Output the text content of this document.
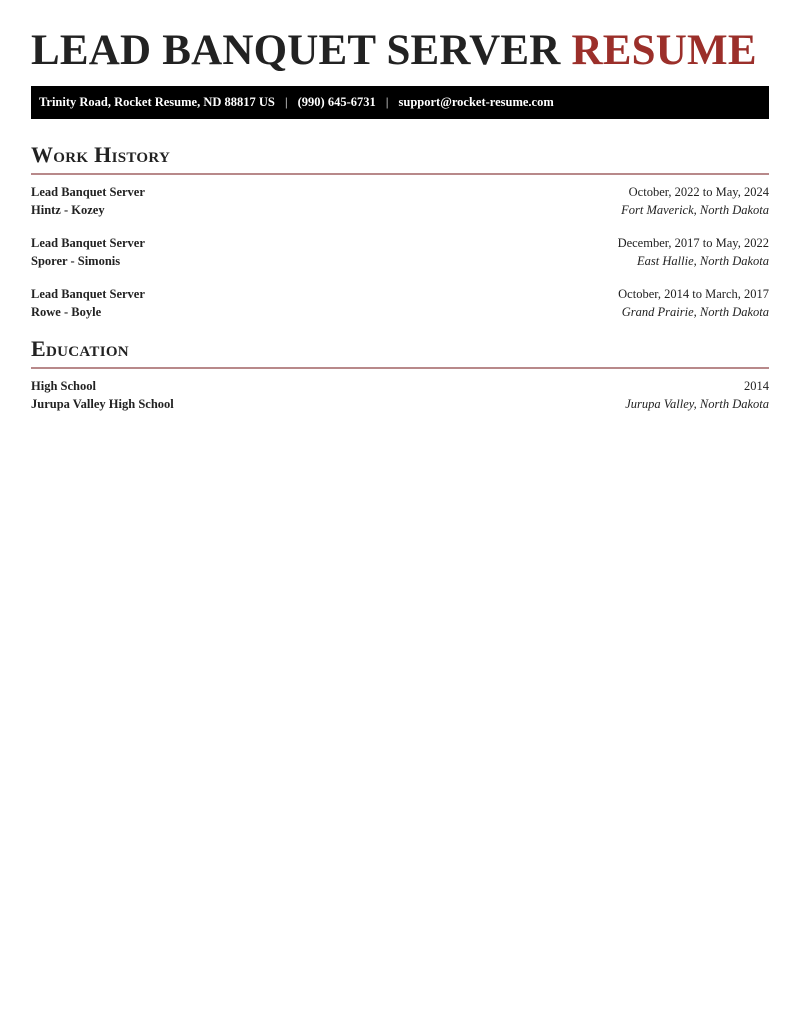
LEAD BANQUET SERVER RESUME
Trinity Road, Rocket Resume, ND 88817 US | (990) 645-6731 | support@rocket-resume.com
Work History
Lead Banquet Server	October, 2022 to May, 2024
Hintz - Kozey	Fort Maverick, North Dakota
Lead Banquet Server	December, 2017 to May, 2022
Sporer - Simonis	East Hallie, North Dakota
Lead Banquet Server	October, 2014 to March, 2017
Rowe - Boyle	Grand Prairie, North Dakota
Education
High School	2014
Jurupa Valley High School	Jurupa Valley, North Dakota
